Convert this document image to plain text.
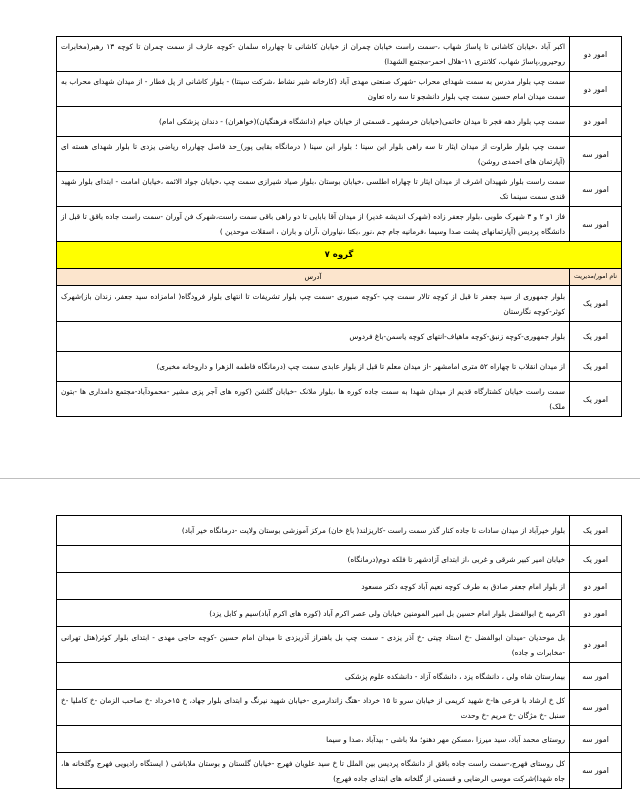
امور دو	اکبر آباد ،خیابان کاشانی تا پاساژ شهاب ،-سمت راست خیابان چمران از خیابان کاشانی تا چهارراه سلمان -کوچه عارف از سمت چمران تا کوچه ۱۳ رهبر(مخابرات روحیرور،پاساژ شهاب، کلانتری ۱۱-هلال احمر-مجتمع الشهدا)
امور دو	سمت چپ بلوار مدرس به سمت شهدای محراب -شهرک صنعتی مهدی آباد (کارخانه شیر نشاط ،شرکت سینتا) - بلوار کاشانی از پل فطار - از میدان شهدای محراب به سمت میدان امام حسین سمت چپ بلوار دانشجو تا سه راه تعاون
امور دو	سمت چپ بلوار دهه فجر تا میدان خاتمی(خیابان خرمشهر ـ قسمتی از خیابان خیام (دانشگاه فرهنگیان)(خواهران) - دندان پزشکی امام)
امور سه	سمت چپ بلوار طراوت از میدان ایثار تا سه راهی بلوار ابن سینا ؛ بلوار ابن سینا ( درمانگاه بقایی پور)_حد فاصل چهارراه ریاضی یزدی تا بلوار شهدای هسته ای (آپارتمان های احمدی روشن)
امور سه	سمت راست بلوار شهیدان اشرف از میدان ایثار تا چهاراه اطلسی ،خیابان بوستان ،بلوار صیاد شیرازی سمت چپ ،خیابان جواد الائمه ،خیابان امامت - ابتدای بلوار شهید قندی سمت سینما تک
امور سه	فاز ۱و ۲ و ۳ شهرک طوبی ،بلوار جعفر زاده (شهرک اندیشه غدیر) از میدان آقا بابایی تا دو راهی باقی سمت راست،شهرک فن آوران -سمت راست جاده باقق تا قبل از دانشگاه پردیس (آپارتمانهای پشت صدا وسیما ،فرمانیه جام جم ،نور ،بکتا ،نیاوران ،آران و باران ، اسقلات موحدین )
گروه ۷	
نام امور/مدیریت	آدرس
امور یک	بلوار جمهوری از سید جعفر تا قبل از کوچه تالار سمت چپ -کوچه صبوری -سمت چپ بلوار تشریفات تا انتهای بلوار فرودگاه( امامزاده سید جعفر، زندان باز)شهرک کوثر-کوچه نگارستان
امور یک	بلوار جمهوری-کوچه زنبق-کوچه ماهیاف-انتهای کوچه یاسمن-باغ فردوس
امور یک	از میدان انقلاب تا چهاراه ۵۲ متری امامشهر -از میدان معلم تا قبل از بلوار عابدی سمت چپ (درمانگاه فاطمه الزهرا و داروخانه مخبری)
امور یک	سمت راست خیابان کشتارگاه قدیم از میدان شهدا به سمت جاده کوره ها ،بلوار ملانک -خیابان گلشن (کوره های آجر پزی مشیر -محمودآباد-مجتمع دامداری ها -بتون ملک)
امور یک	بلوار خیرآباد از میدان سادات تا جاده کنار گذر سمت راست -کاریزلند( باغ خان) مرکز آموزشی بوستان ولایت -درمانگاه خیر آباد)
امور یک	خیابان امیر کبیر شرقی و غربی ،از ابتدای آزادشهر تا فلکه دوم(درمانگاه)
امور دو	از بلوار امام جعفر صادق به طرف کوچه نعیم آباد کوچه دکتر مسعود
امور دو	اکرمیه خ ابوالفضل بلوار امام حسین بل امیر المومنین خیابان ولی عصر اکرم آباد (کوره های اکرم آباد)سیم و کابل یزد)
امور دو	بل موحدیان -میدان ابوالفضل -خ استاد چیتی -خ آذر یزدی - سمت چپ بل باهنراز آذریزدی تا میدان امام حسین -کوچه حاجی مهدی - ابتدای بلوار کوثر(هتل تهرانی -مخابرات و جاده)
امور سه	بیمارستان شاه ولی ، دانشگاه یزد ، دانشگاه آزاد - دانشکده علوم پزشکی
امور سه	کل خ ارشاد با فرعی ها-خ شهید کریمی از خیابان سرو تا ۱۵ خرداد -هتگ زاندارمری -خیابان شهید نیرنگ و ابتدای بلوار جهاد، خ ۱۵خرداد -خ صاحب الزمان -خ کاملیا -خ سنبل -خ مژگان -خ مریم -خ وحدت
امور سه	روستای محمد آباد، سید میرزا ،مسکن مهر دهنو؛ ملا باشی - بیدآباد ،صدا و سیما
امور سه	کل روستای فهرج،-سمت راست جاده باقق از دانشگاه پردیس بین الملل تا خ سید علویان فهرج -خیابان گلستان و بوستان ملاباشی ( ایستگاه رادیویی فهرج وگلخانه ها، جاه شهدا)شرکت موسی الرضایی و قسمتی از گلخانه های ابتدای جاده فهرج)
